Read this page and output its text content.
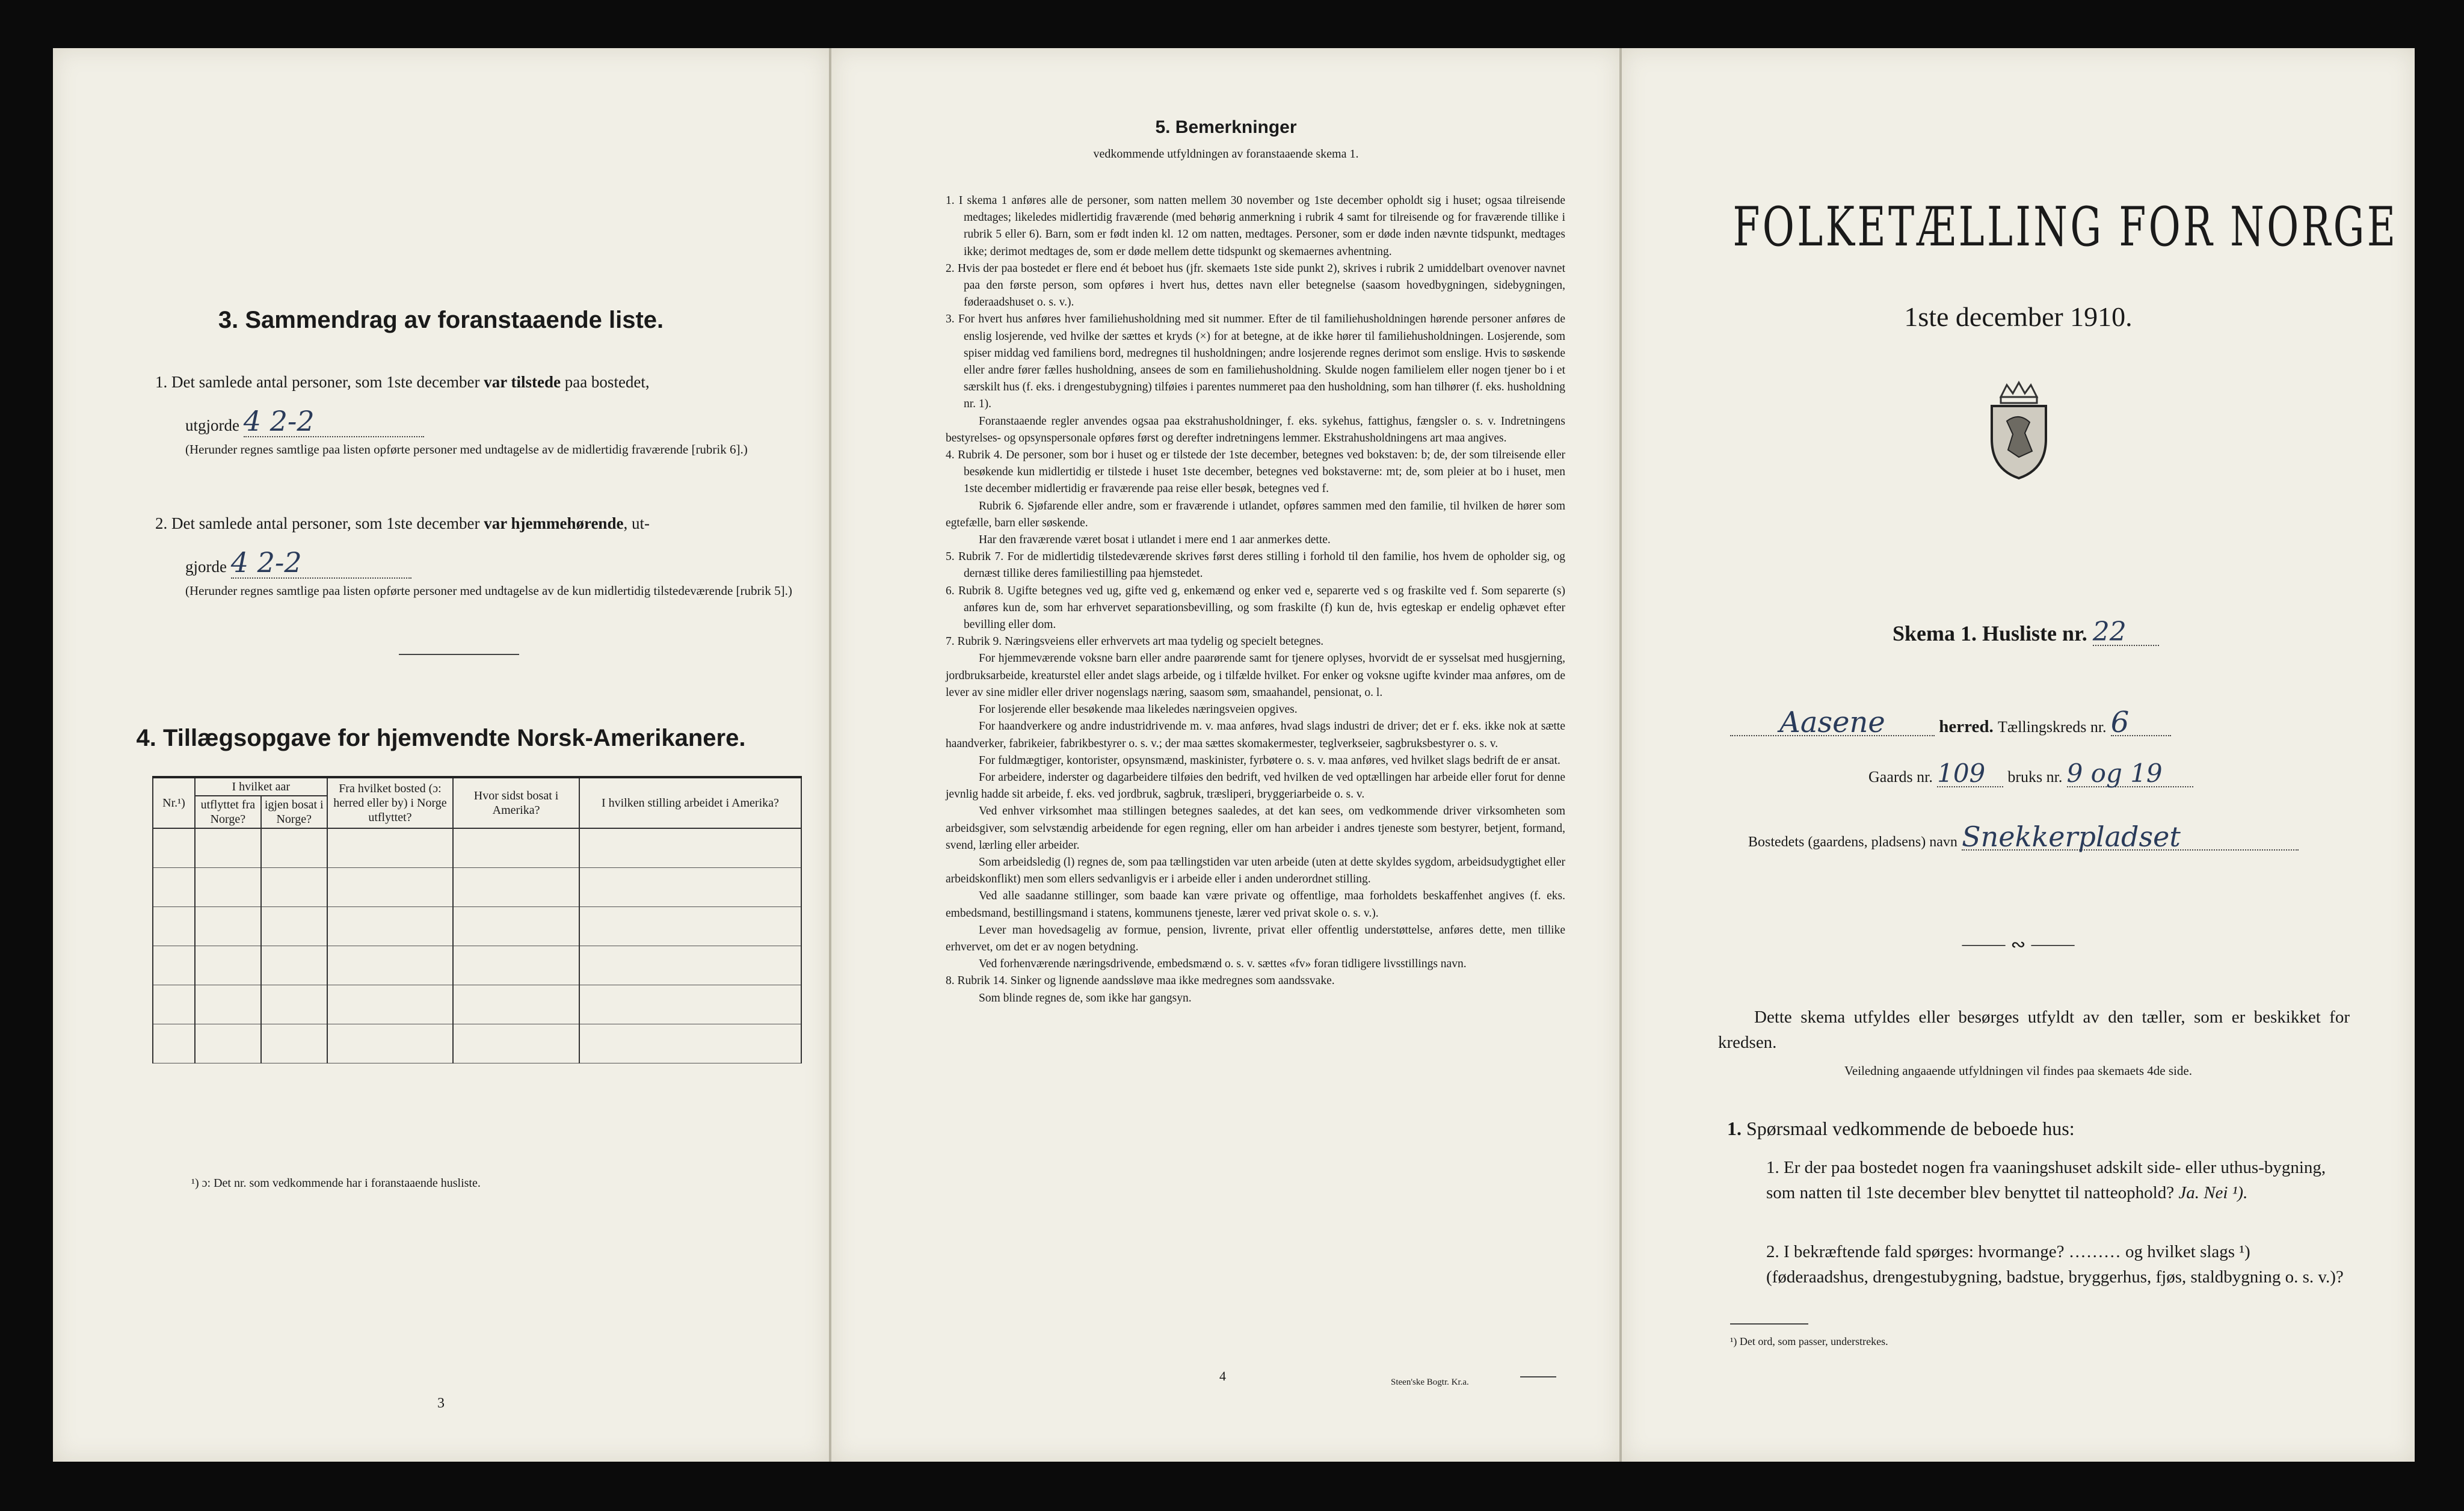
3. Sammendrag av foranstaaende liste.
1. Det samlede antal personer, som 1ste december var tilstede paa bostedet,
utgjorde 4 2-2
(Herunder regnes samtlige paa listen opførte personer med undtagelse av de midlertidig fraværende [rubrik 6].)
2. Det samlede antal personer, som 1ste december var hjemmehørende, ut-
gjorde 4 2-2
(Herunder regnes samtlige paa listen opførte personer med undtagelse av de kun midlertidig tilstedeværende [rubrik 5].)
4. Tillægsopgave for hjemvendte Norsk-Amerikanere.
Nr.¹)	I hvilket aar		Fra hvilket bosted (ɔ: herred eller by) i Norge utflyttet?	Hvor sidst bosat i Amerika?	I hvilken stilling arbeidet i Amerika?
	utflyttet fra Norge?	igjen bosat i Norge?			

¹) ɔ: Det nr. som vedkommende har i foranstaaende husliste.
3
5. Bemerkninger
vedkommende utfyldningen av foranstaaende skema 1.

1. I skema 1 anføres alle de personer, som natten mellem 30 november og 1ste december opholdt sig i huset; ogsaa tilreisende medtages; likeledes midlertidig fraværende (med behørig anmerkning i rubrik 4 samt for tilreisende og for fraværende tillike i rubrik 5 eller 6). Barn, som er født inden kl. 12 om natten, medtages. Personer, som er døde inden nævnte tidspunkt, medtages ikke; derimot medtages de, som er døde mellem dette tidspunkt og skemaernes avhentning.

2. Hvis der paa bostedet er flere end ét beboet hus (jfr. skemaets 1ste side punkt 2), skrives i rubrik 2 umiddelbart ovenover navnet paa den første person, som opføres i hvert hus, dettes navn eller betegnelse (saasom hovedbygningen, sidebygningen, føderaadshuset o. s. v.).

3. For hvert hus anføres hver familiehusholdning med sit nummer. Efter de til familiehusholdningen hørende personer anføres de enslig losjerende, ved hvilke der sættes et kryds (×) for at betegne, at de ikke hører til familiehusholdningen. Losjerende, som spiser middag ved familiens bord, medregnes til husholdningen; andre losjerende regnes derimot som enslige. Hvis to søskende eller andre fører fælles husholdning, ansees de som en familiehusholdning. Skulde nogen familielem eller nogen tjener bo i et særskilt hus (f. eks. i drengestubygning) tilføies i parentes nummeret paa den husholdning, som han tilhører (f. eks. husholdning nr. 1).

Foranstaaende regler anvendes ogsaa paa ekstrahusholdninger, f. eks. sykehus, fattighus, fængsler o. s. v. Indretningens bestyrelses- og opsynspersonale opføres først og derefter indretningens lemmer. Ekstrahusholdningens art maa angives.

4. Rubrik 4. De personer, som bor i huset og er tilstede der 1ste december, betegnes ved bokstaven: b; de, der som tilreisende eller besøkende kun midlertidig er tilstede i huset 1ste december, betegnes ved bokstaverne: mt; de, som pleier at bo i huset, men 1ste december midlertidig er fraværende paa reise eller besøk, betegnes ved f.

Rubrik 6. Sjøfarende eller andre, som er fraværende i utlandet, opføres sammen med den familie, til hvilken de hører som egtefælle, barn eller søskende.

Har den fraværende været bosat i utlandet i mere end 1 aar anmerkes dette.

5. Rubrik 7. For de midlertidig tilstedeværende skrives først deres stilling i forhold til den familie, hos hvem de opholder sig, og dernæst tillike deres familiestilling paa hjemstedet.

6. Rubrik 8. Ugifte betegnes ved ug, gifte ved g, enkemænd og enker ved e, separerte ved s og fraskilte ved f. Som separerte (s) anføres kun de, som har erhvervet separationsbevilling, og som fraskilte (f) kun de, hvis egteskap er endelig ophævet efter bevilling eller dom.

7. Rubrik 9. Næringsveiens eller erhvervets art maa tydelig og specielt betegnes.

For hjemmeværende voksne barn eller andre paarørende samt for tjenere oplyses, hvorvidt de er sysselsat med husgjerning, jordbruksarbeide, kreaturstel eller andet slags arbeide, og i tilfælde hvilket. For enker og voksne ugifte kvinder maa anføres, om de lever av sine midler eller driver nogenslags næring, saasom søm, smaahandel, pensionat, o. l.

For losjerende eller besøkende maa likeledes næringsveien opgives.

For haandverkere og andre industridrivende m. v. maa anføres, hvad slags industri de driver; det er f. eks. ikke nok at sætte haandverker, fabrikeier, fabrikbestyrer o. s. v.; der maa sættes skomakermester, teglverkseier, sagbruksbestyrer o. s. v.

For fuldmægtiger, kontorister, opsynsmænd, maskinister, fyrbøtere o. s. v. maa anføres, ved hvilket slags bedrift de er ansat.

For arbeidere, inderster og dagarbeidere tilføies den bedrift, ved hvilken de ved optællingen har arbeide eller forut for denne jevnlig hadde sit arbeide, f. eks. ved jordbruk, sagbruk, træsliperi, bryggeriarbeide o. s. v.

Ved enhver virksomhet maa stillingen betegnes saaledes, at det kan sees, om vedkommende driver virksomheten som arbeidsgiver, som selvstændig arbeidende for egen regning, eller om han arbeider i andres tjeneste som bestyrer, betjent, formand, svend, lærling eller arbeider.

Som arbeidsledig (l) regnes de, som paa tællingstiden var uten arbeide (uten at dette skyldes sygdom, arbeidsudygtighet eller arbeidskonflikt) men som ellers sedvanligvis er i arbeide eller i anden underordnet stilling.

Ved alle saadanne stillinger, som baade kan være private og offentlige, maa forholdets beskaffenhet angives (f. eks. embedsmand, bestillingsmand i statens, kommunens tjeneste, lærer ved privat skole o. s. v.).

Lever man hovedsagelig av formue, pension, livrente, privat eller offentlig understøttelse, anføres dette, men tillike erhvervet, om det er av nogen betydning.

Ved forhenværende næringsdrivende, embedsmænd o. s. v. sættes «fv» foran tidligere livsstillings navn.

8. Rubrik 14. Sinker og lignende aandssløve maa ikke medregnes som aandssvake.

Som blinde regnes de, som ikke har gangsyn.

4	Steen'ske Bogtr. Kr.a.
FOLKETÆLLING FOR NORGE
1ste december 1910.
Skema 1. Husliste nr. 22
Aasene	herred. Tællingskreds nr. 6
Gaards nr. 109 bruks nr. 9 og 19
Bostedets (gaardens, pladsens) navn Snekkerpladset
⸻ ∾ ⸻
Dette skema utfyldes eller besørges utfyldt av den tæller, som er beskikket for kredsen.
Veiledning angaaende utfyldningen vil findes paa skemaets 4de side.
1. Spørsmaal vedkommende de beboede hus:
1. Er der paa bostedet nogen fra vaaningshuset adskilt side- eller uthus-bygning, som natten til 1ste december blev benyttet til natteophold? Ja. Nei ¹).
2. I bekræftende fald spørges: hvormange? ……… og hvilket slags ¹) (føderaadshus, drengestubygning, badstue, bryggerhus, fjøs, staldbygning o. s. v.)?
¹) Det ord, som passer, understrekes.
